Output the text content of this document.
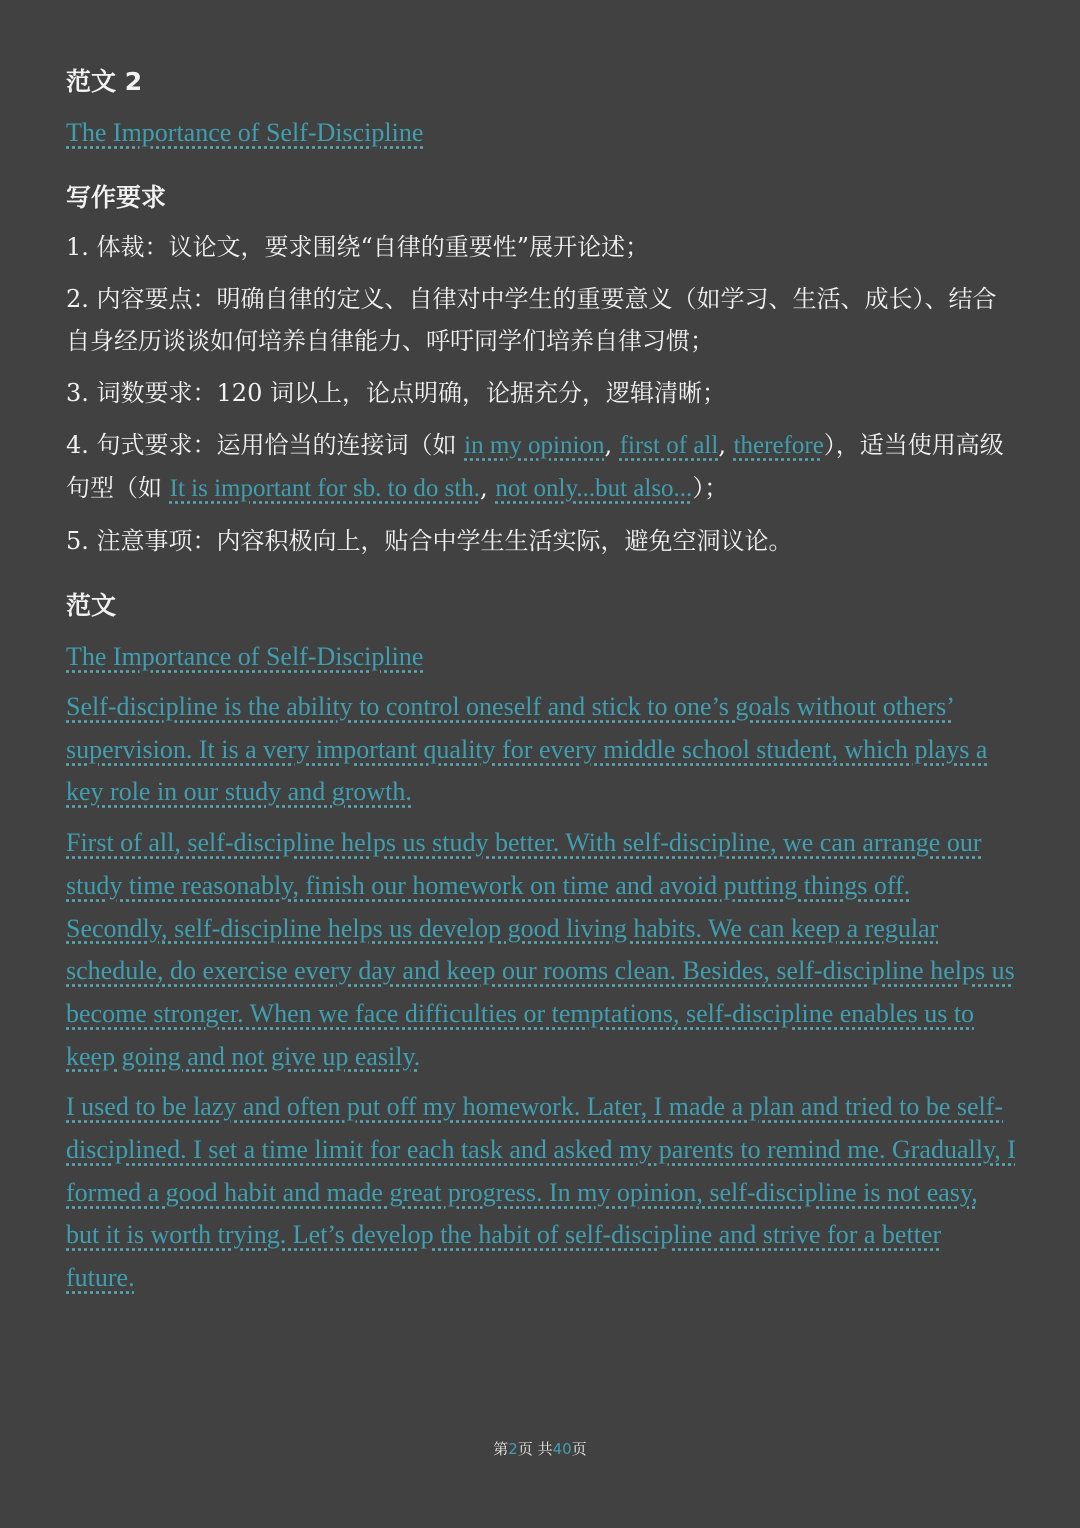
范文 2
The Importance of Self-Discipline
写作要求

1. 体裁：议论文，要求围绕“自律的重要性”展开论述；

2. 内容要点：明确自律的定义、自律对中学生的重要意义（如学习、生活、成长）、结合自身经历谈谈如何培养自律能力、呼吁同学们培养自律习惯；

3. 词数要求：120 词以上，论点明确，论据充分，逻辑清晰；

4. 句式要求：运用恰当的连接词（如 in my opinion, first of all, therefore），适当使用高级句型（如 It is important for sb. to do sth., not only...but also...）；

5. 注意事项：内容积极向上，贴合中学生生活实际，避免空洞议论。

范文
The Importance of Self-Discipline

Self-discipline is the ability to control oneself and stick to one’s goals without others’ supervision. It is a very important quality for every middle school student, which plays a key role in our study and growth.

First of all, self-discipline helps us study better. With self-discipline, we can arrange our study time reasonably, finish our homework on time and avoid putting things off. Secondly, self-discipline helps us develop good living habits. We can keep a regular schedule, do exercise every day and keep our rooms clean. Besides, self-discipline helps us become stronger. When we face difficulties or temptations, self-discipline enables us to keep going and not give up easily.

I used to be lazy and often put off my homework. Later, I made a plan and tried to be self-disciplined. I set a time limit for each task and asked my parents to remind me. Gradually, I formed a good habit and made great progress. In my opinion, self-discipline is not easy, but it is worth trying. Let’s develop the habit of self-discipline and strive for a better future.

第2页 共40页
